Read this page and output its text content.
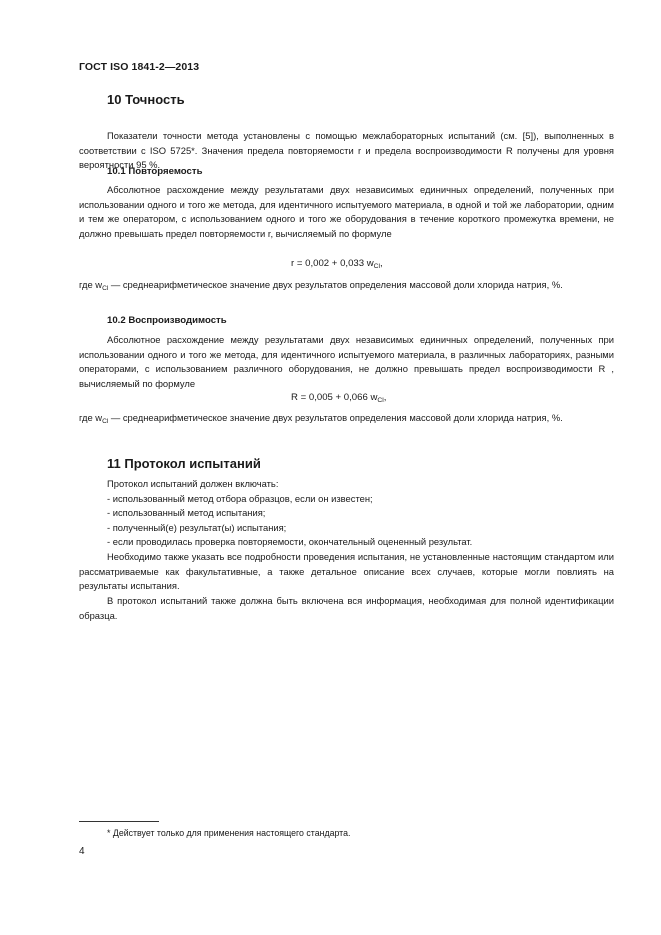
ГОСТ ISO 1841-2—2013
10 Точность
Показатели точности метода установлены с помощью межлабораторных испытаний (см. [5]), выполненных в соответствии с ISO 5725*. Значения предела повторяемости r и предела воспроизводимости R получены для уровня вероятности 95 %.
10.1 Повторяемость
Абсолютное расхождение между результатами двух независимых единичных определений, полученных при использовании одного и того же метода, для идентичного испытуемого материала, в одной и той же лаборатории, одним и тем же оператором, с использованием одного и того же оборудования в течение короткого промежутка времени, не должно превышать предел повторяемости r, вычисляемый по формуле
r = 0,002 + 0,033 $w_{Cl}$,
где $w_{Cl}$ — среднеарифметическое значение двух результатов определения массовой доли хлорида натрия, %.
10.2 Воспроизводимость
Абсолютное расхождение между результатами двух независимых единичных определений, полученных при использовании одного и того же метода, для идентичного испытуемого материала, в различных лабораториях, разными операторами, с использованием различного оборудования, не должно превышать предел воспроизводимости R , вычисляемый по формуле
R = 0,005 + 0,066 $w_{Cl}$,
где $w_{Cl}$ — среднеарифметическое значение двух результатов определения массовой доли хлорида натрия, %.
11 Протокол испытаний
Протокол испытаний должен включать:
- использованный метод отбора образцов, если он известен;
- использованный метод испытания;
- полученный(е) результат(ы) испытания;
- если проводилась проверка повторяемости, окончательный оцененный результат.
Необходимо также указать все подробности проведения испытания, не установленные настоящим стандартом или рассматриваемые как факультативные, а также детальное описание всех случаев, которые могли повлиять на результаты испытания.
В протокол испытаний также должна быть включена вся информация, необходимая для полной идентификации образца.
* Действует только для применения настоящего стандарта.
4
